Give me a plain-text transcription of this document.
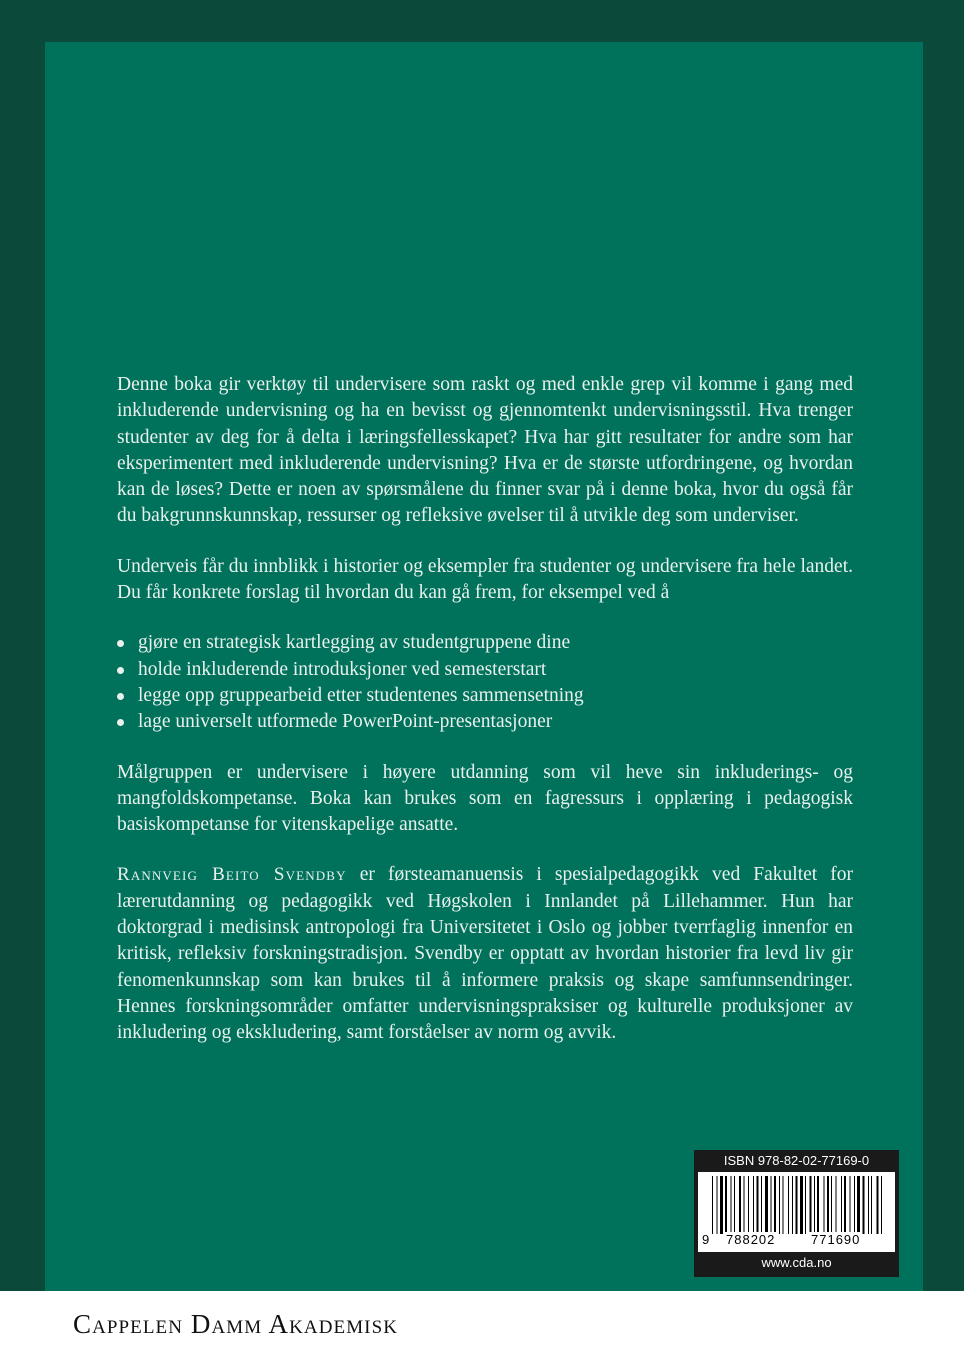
Denne boka gir verktøy til undervisere som raskt og med enkle grep vil komme i gang med inkluderende undervisning og ha en bevisst og gjennomtenkt undervisningsstil. Hva trenger studenter av deg for å delta i læringsfellesskapet? Hva har gitt resultater for andre som har eksperimentert med inkluderende undervisning? Hva er de største utfordringene, og hvordan kan de løses? Dette er noen av spørsmålene du finner svar på i denne boka, hvor du også får du bakgrunnskunnskap, ressurser og refleksive øvelser til å utvikle deg som underviser.

Underveis får du innblikk i historier og eksempler fra studenter og undervisere fra hele landet. Du får konkrete forslag til hvordan du kan gå frem, for eksempel ved å

gjøre en strategisk kartlegging av studentgruppene dine
holde inkluderende introduksjoner ved semesterstart
legge opp gruppearbeid etter studentenes sammensetning
lage universelt utformede PowerPoint-presentasjoner

Målgruppen er undervisere i høyere utdanning som vil heve sin inkluderings- og mangfoldskompetanse. Boka kan brukes som en fagressurs i opplæring i pedagogisk basiskompetanse for vitenskapelige ansatte.

Rannveig Beito Svendby er førsteamanuensis i spesialpedagogikk ved Fakultet for lærerutdanning og pedagogikk ved Høgskolen i Innlandet på Lillehammer. Hun har doktorgrad i medisinsk antropologi fra Universitetet i Oslo og jobber tverrfaglig innenfor en kritisk, refleksiv forskningstradisjon. Svendby er opptatt av hvordan historier fra levd liv gir fenomenkunnskap som kan brukes til å informere praksis og skape samfunnsendringer. Hennes forskningsområder omfatter undervisningspraksiser og kulturelle produksjoner av inkludering og ekskludering, samt forståelser av norm og avvik.

ISBN 978-82-02-77169-0
9 788202	771690
www.cda.no
Cappelen Damm Akademisk
